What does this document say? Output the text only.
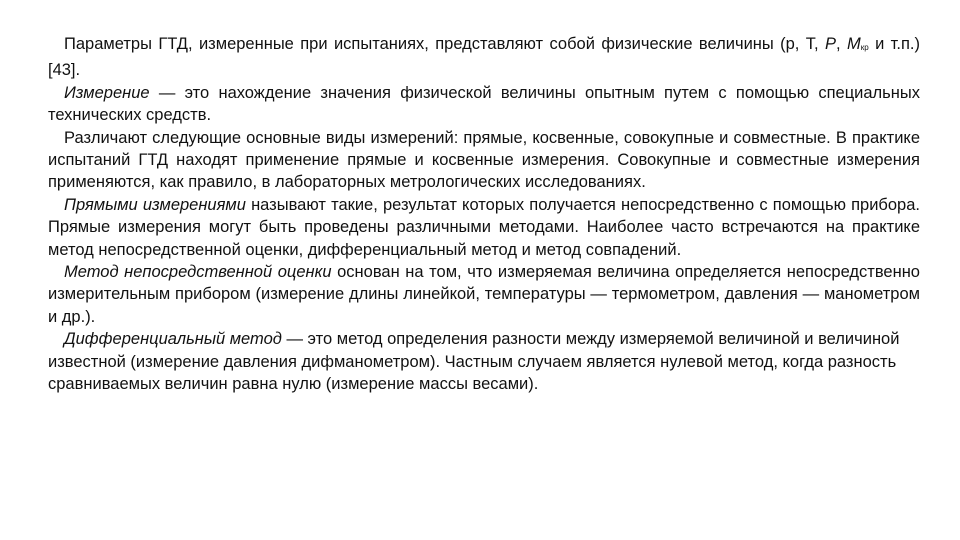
Параметры ГТД, измеренные при испытаниях, представляют собой физические величины (р, Т, P, Mкр и т.п.) [43].

Измерение — это нахождение значения физической величины опытным путем с помощью специальных технических средств.

Различают следующие основные виды измерений: прямые, косвенные, совокупные и совместные. В практике испытаний ГТД находят применение прямые и косвенные измерения. Совокупные и совместные измерения применяются, как правило, в лабораторных метрологических исследованиях.

Прямыми измерениями называют такие, результат которых получается непосредственно с помощью прибора. Прямые измерения могут быть проведены различными методами. Наиболее часто встречаются на практике метод непосредственной оценки, дифференциальный метод и метод совпадений.

Метод непосредственной оценки основан на том, что измеряемая величина определяется непосредственно измерительным прибором (измерение длины линейкой, температуры — термометром, давления — манометром и др.).

Дифференциальный метод — это метод определения разности между измеряемой величиной и величиной известной (измерение давления дифманометром). Частным случаем является нулевой метод, когда разность сравниваемых величин равна нулю (измерение массы весами).
